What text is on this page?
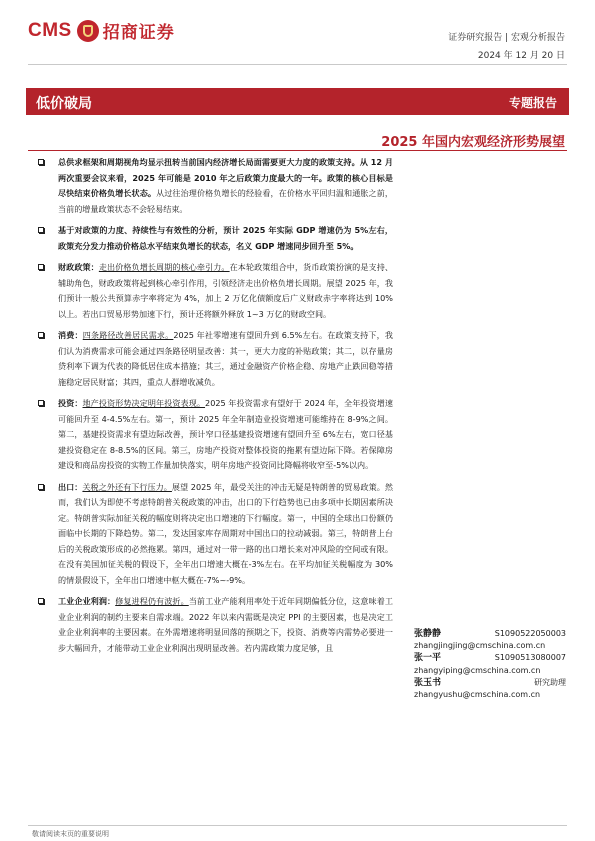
CMS 招商证券	证券研究报告 | 宏观分析报告
2024 年 12 月 20 日
低价破局	专题报告
2025 年国内宏观经济形势展望
总供求框架和周期视角均显示扭转当前国内经济增长局面需要更大力度的政策支持。从 12 月两次重要会议来看，2025 年可能是 2010 年之后政策力度最大的一年。政策的核心目标是尽快结束价格负增长状态。从过往治理价格负增长的经验看，在价格水平回归温和通胀之前，当前的增量政策状态不会轻易结束。
基于对政策的力度、持续性与有效性的分析，预计 2025 年实际 GDP 增速仍为 5%左右，政策充分发力推动价格总水平结束负增长的状态，名义 GDP 增速同步回升至 5%。
财政政策：走出价格负增长周期的核心牵引力。在本轮政策组合中，货币政策扮演的是支持、辅助角色，财政政策将起到核心牵引作用，引领经济走出价格负增长周期。展望 2025 年，我们预计一般公共预算赤字率将定为 4%，加上 2 万亿化债额度后广义财政赤字率将达到 10%以上。若出口贸易形势加速下行，预计还将额外释放 1~3 万亿的财政空间。
消费：四条路径改善居民需求。2025 年社零增速有望回升到 6.5%左右。在政策支持下，我们认为消费需求可能会通过四条路径明显改善：其一，更大力度的补贴政策；其二，以存量房贷利率下调为代表的降低居住成本措施；其三，通过金融资产价格企稳、房地产止跌回稳等措施稳定居民财富；其四，重点人群增收减负。
投资：地产投资形势决定明年投资表现。2025 年投资需求有望好于 2024 年，全年投资增速可能回升至 4-4.5%左右。第一，预计 2025 年全年制造业投资增速可能维持在 8-9%之间。第二，基建投资需求有望边际改善，预计窄口径基建投资增速有望回升至 6%左右，宽口径基建投资稳定在 8-8.5%的区间。第三，房地产投资对整体投资的拖累有望边际下降。若保障房建设和商品房投资的实物工作量加快落实，明年房地产投资同比降幅将收窄至-5%以内。
出口：关税之外还有下行压力。展望 2025 年，最受关注的冲击无疑是特朗普的贸易政策。然而，我们认为即使不考虑特朗普关税政策的冲击，出口的下行趋势也已由多项中长期因素所决定。特朗普实际加征关税的幅度则将决定出口增速的下行幅度。第一，中国的全球出口份额仍面临中长期的下降趋势。第二，发达国家库存周期对中国出口的拉动减弱。第三，特朗普上台后的关税政策形成的必然拖累。第四，通过对一带一路的出口增长来对冲风险的空间或有限。在没有美国加征关税的假设下，全年出口增速大概在-3%左右。在平均加征关税幅度为 30%的情景假设下，全年出口增速中枢大概在-7%~-9%。
工业企业利润：修复进程仍有波折。当前工业产能利用率处于近年同期偏低分位，这意味着工业企业利润的制约主要来自需求端。2022 年以来内需既是决定 PPI 的主要因素，也是决定工业企业利润率的主要因素。在外需增速将明显回落的预期之下，投资、消费等内需势必要进一步大幅回升，才能带动工业企业利润出现明显改善。若内需政策力度足够，且
张静静	S1090522050003
zhangjingjing@cmschina.com.cn
张一平	S1090513080007
zhangyiping@cmschina.com.cn
张玉书	研究助理
zhangyushu@cmschina.com.cn
敬请阅读末页的重要说明
